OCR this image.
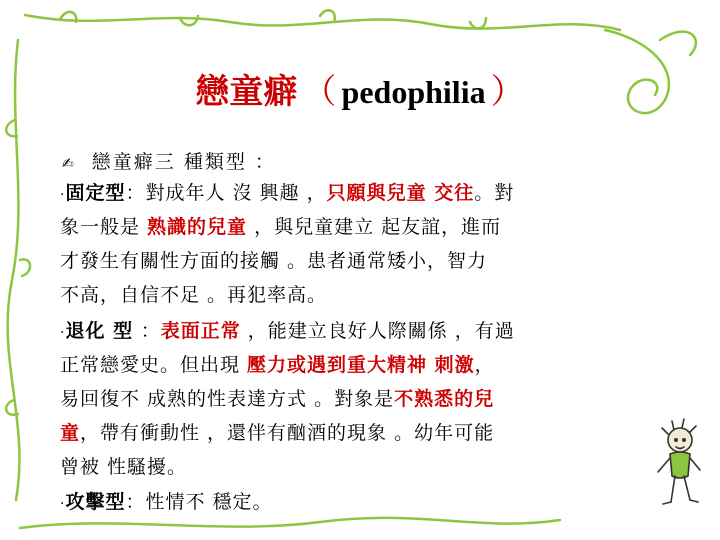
戀童癖 （ pedophilia ）
✍ 戀童癖三 種類型 ：
·固定型：對成年人 沒 興趣 ，只願與兒童 交往。對
象一般是 熟識的兒童 ，與兒童建立 起友誼，進而
才發生有關性方面的接觸 。患者通常矮小，智力
不高，自信不足 。再犯率高。
·退化 型 ：表面正常 ，能建立良好人際關係 ，有過
正常戀愛史。但出現 壓力或遇到重大精神 刺激，
易回復不 成熟的性表達方式 。對象是不熟悉的兒
童，帶有衝動性 ，還伴有酗酒的現象 。幼年可能
曾被 性騷擾。
·攻擊型：性情不 穩定。
